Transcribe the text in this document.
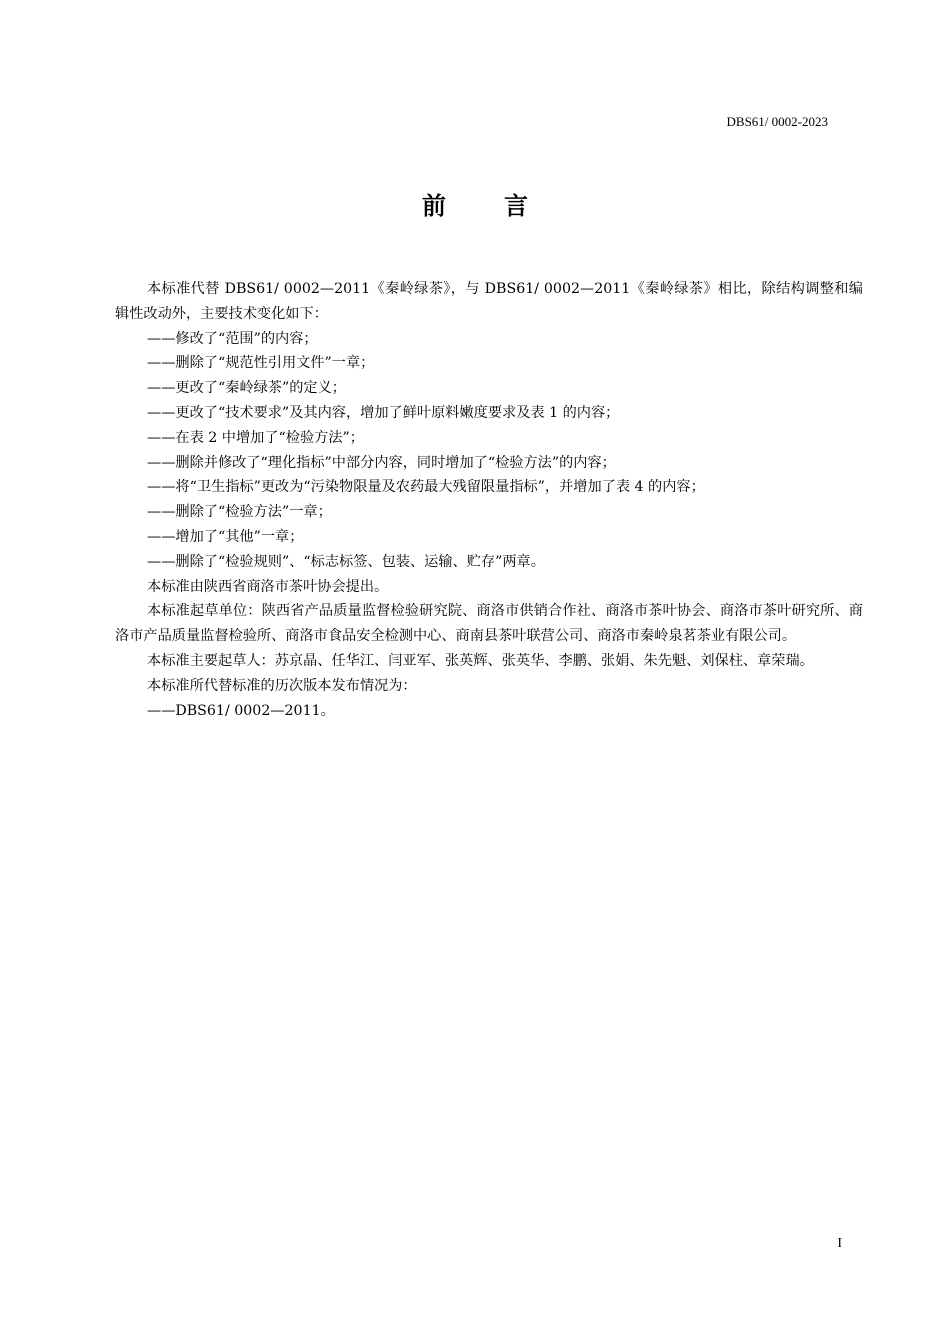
DBS61/ 0002-2023
前言

本标准代替 DBS61/ 0002—2011《秦岭绿茶》，与 DBS61/ 0002—2011《秦岭绿茶》相比，除结构调整和编辑性改动外，主要技术变化如下：

——修改了“范围”的内容；

——删除了“规范性引用文件”一章；

——更改了“秦岭绿茶”的定义；

——更改了“技术要求”及其内容，增加了鲜叶原料嫩度要求及表 1 的内容；

——在表 2 中增加了“检验方法”；

——删除并修改了“理化指标”中部分内容，同时增加了“检验方法”的内容；

——将“卫生指标”更改为“污染物限量及农药最大残留限量指标”，并增加了表 4 的内容；

——删除了“检验方法”一章；

——增加了“其他”一章；

——删除了“检验规则”、“标志标签、包装、运输、贮存”两章。

本标准由陕西省商洛市茶叶协会提出。

本标准起草单位：陕西省产品质量监督检验研究院、商洛市供销合作社、商洛市茶叶协会、商洛市茶叶研究所、商洛市产品质量监督检验所、商洛市食品安全检测中心、商南县茶叶联营公司、商洛市秦岭泉茗茶业有限公司。

本标准主要起草人：苏京晶、任华江、闫亚军、张英辉、张英华、李鹏、张娟、朱先魁、刘保柱、章荣瑞。

本标准所代替标准的历次版本发布情况为：

——DBS61/ 0002—2011。

I
